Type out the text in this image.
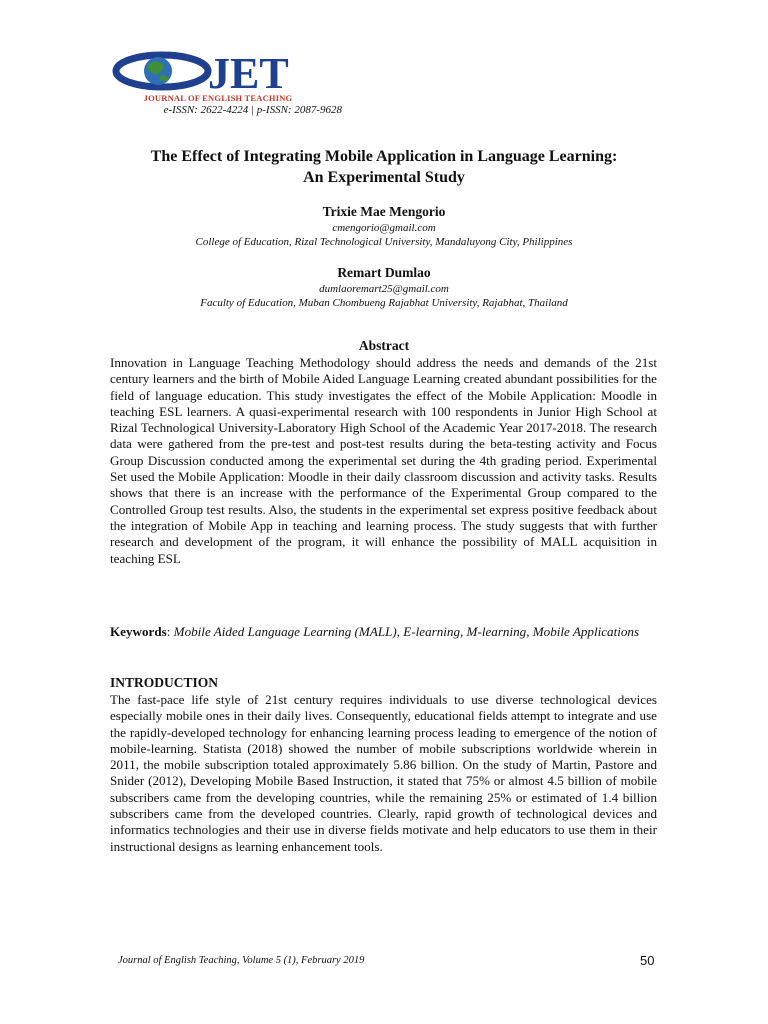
JET
JOURNAL OF ENGLISH TEACHING
e-ISSN: 2622-4224 | p-ISSN: 2087-9628
The Effect of Integrating Mobile Application in Language Learning:
An Experimental Study
Trixie Mae Mengorio
cmengorio@gmail.com
College of Education, Rizal Technological University, Mandaluyong City, Philippines
Remart Dumlao
dumlaoremart25@gmail.com
Faculty of Education, Muban Chombueng Rajabhat University, Rajabhat, Thailand
Abstract
Innovation in Language Teaching Methodology should address the needs and demands of the 21st century learners and the birth of Mobile Aided Language Learning created abundant possibilities for the field of language education. This study investigates the effect of the Mobile Application: Moodle in teaching ESL learners. A quasi-experimental research with 100 respondents in Junior High School at Rizal Technological University-Laboratory High School of the Academic Year 2017-2018. The research data were gathered from the pre-test and post-test results during the beta-testing activity and Focus Group Discussion conducted among the experimental set during the 4th grading period. Experimental Set used the Mobile Application: Moodle in their daily classroom discussion and activity tasks. Results shows that there is an increase with the performance of the Experimental Group compared to the Controlled Group test results. Also, the students in the experimental set express positive feedback about the integration of Mobile App in teaching and learning process. The study suggests that with further research and development of the program, it will enhance the possibility of MALL acquisition in teaching ESL
Keywords: Mobile Aided Language Learning (MALL), E-learning, M-learning, Mobile Applications
INTRODUCTION
The fast-pace life style of 21st century requires individuals to use diverse technological devices especially mobile ones in their daily lives. Consequently, educational fields attempt to integrate and use the rapidly-developed technology for enhancing learning process leading to emergence of the notion of mobile-learning. Statista (2018) showed the number of mobile subscriptions worldwide wherein in 2011, the mobile subscription totaled approximately 5.86 billion. On the study of Martin, Pastore and Snider (2012), Developing Mobile Based Instruction, it stated that 75% or almost 4.5 billion of mobile subscribers came from the developing countries, while the remaining 25% or estimated of 1.4 billion subscribers came from the developed countries. Clearly, rapid growth of technological devices and informatics technologies and their use in diverse fields motivate and help educators to use them in their instructional designs as learning enhancement tools.
Journal of English Teaching, Volume 5 (1), February 2019	50
